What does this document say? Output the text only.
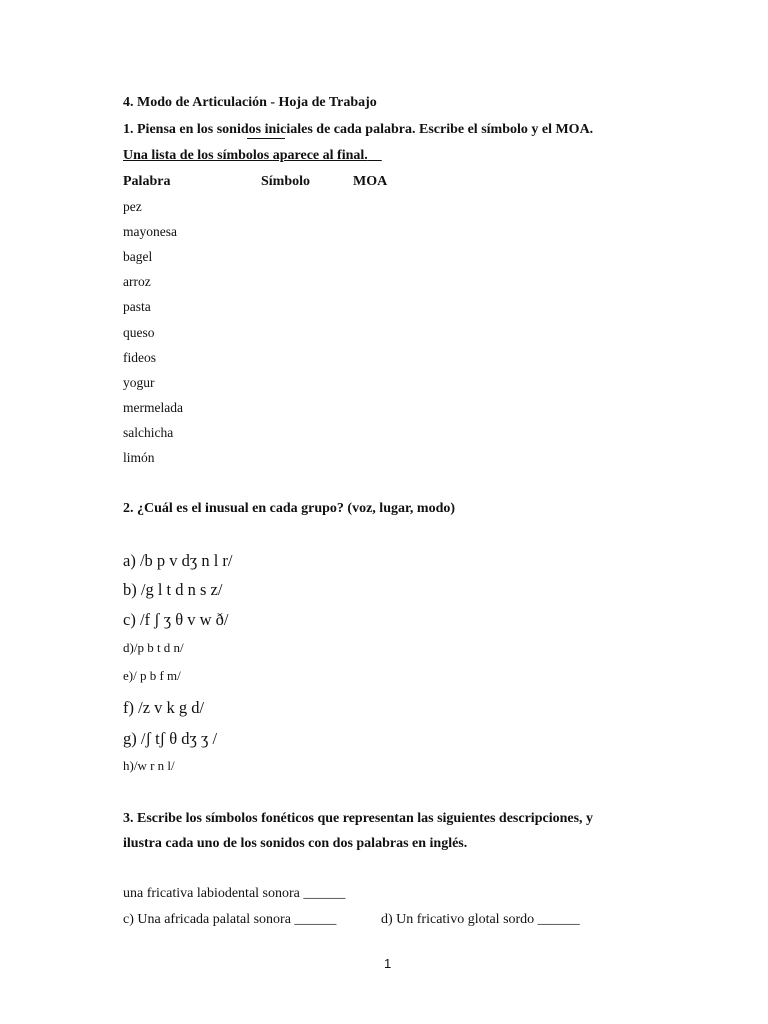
4. Modo de Articulación - Hoja de Trabajo
1. Piensa en los sonidos iniciales de cada palabra. Escribe el símbolo y el MOA.
Una lista de los símbolos aparece al final.
Palabra	Símbolo	MOA
pez
mayonesa
bagel
arroz
pasta
queso
fideos
yogur
mermelada
salchicha
limón
2. ¿Cuál es el inusual en cada grupo? (voz, lugar, modo)
a) /b p v dʒ n l r/
b) /g l t d n s z/
c) /f ʃ ʒ θ v w ð/
d)/p b t d n/
e)/ p b f m/
f) /z v k g d/
g) /ʃ tʃ θ dʒ ʒ /
h)/w r n l/
3. Escribe los símbolos fonéticos que representan las siguientes descripciones, y
ilustra cada uno de los sonidos con dos palabras en inglés.
una fricativa labiodental sonora ______
c) Una africada palatal sonora ______	d) Un fricativo glotal sordo ______
1
